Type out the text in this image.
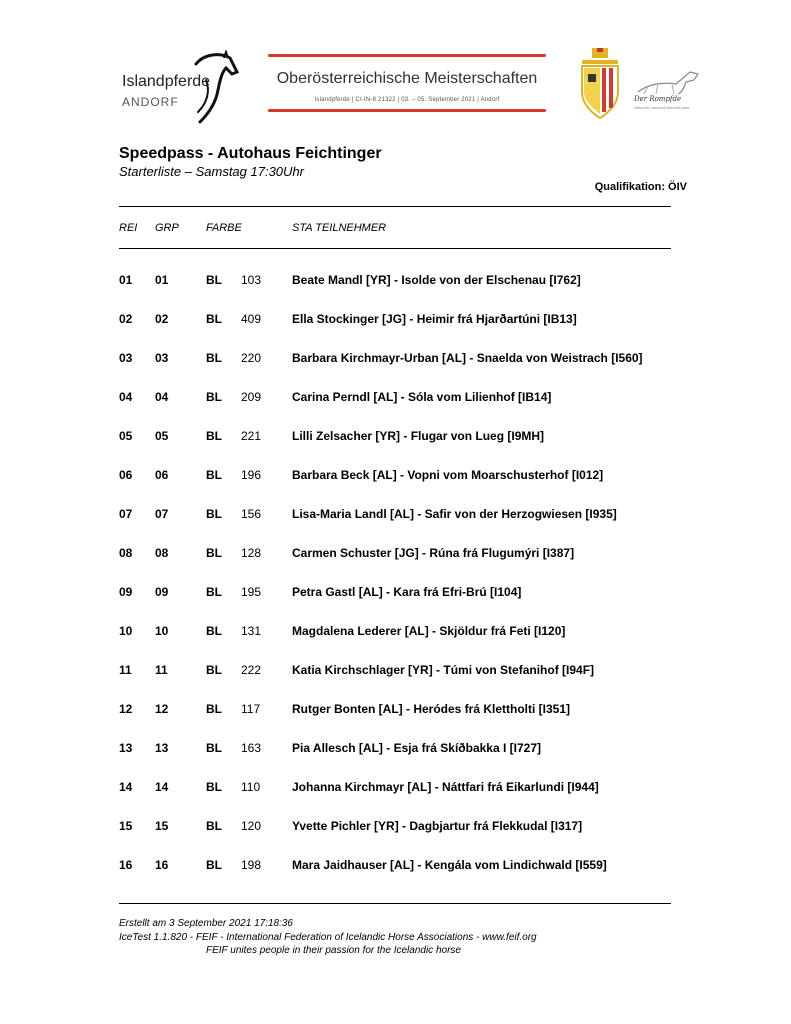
Islandpferde
ANDORF
Oberösterreichische Meisterschaften
Islandpferde | CI-IN-8 21322 | 03. – 05. September 2021 | Andorf	Der Rompfde
reitverein ranzhof steinhof-wels
Speedpass - Autohaus Feichtinger
Starterliste – Samstag 17:30Uhr
Qualifikation: ÖIV
REI GRP FARBE	STA TEILNEHMER
01 01	BL 103	Beate Mandl [YR] - Isolde von der Elschenau [I762]
02 02	BL 409	Ella Stockinger [JG] - Heimir frá Hjarðartúni [IB13]
03 03	BL 220	Barbara Kirchmayr-Urban [AL] - Snaelda von Weistrach [I560]
04 04	BL 209	Carina Perndl [AL] - Sóla vom Lilienhof [IB14]
05 05	BL 221	Lilli Zelsacher [YR] - Flugar von Lueg [I9MH]
06 06	BL 196	Barbara Beck [AL] - Vopni vom Moarschusterhof [I012]
07 07	BL 156	Lisa-Maria Landl [AL] - Safir von der Herzogwiesen [I935]
08 08	BL 128	Carmen Schuster [JG] - Rúna frá Flugumýri [I387]
09 09	BL 195	Petra Gastl [AL] - Kara frá Efri-Brú [I104]
10 10	BL 131	Magdalena Lederer [AL] - Skjöldur frá Feti [I120]
11 11	BL 222	Katia Kirchschlager [YR] - Túmi von Stefanihof [I94F]
12 12	BL 117	Rutger Bonten [AL] - Heródes frá Klettholti [I351]
13 13	BL 163	Pia Allesch [AL] - Esja frá Skíðbakka I [I727]
14 14	BL 110	Johanna Kirchmayr [AL] - Náttfari frá Eikarlundi [I944]
15 15	BL 120	Yvette Pichler [YR] - Dagbjartur frá Flekkudal [I317]
16 16	BL 198	Mara Jaidhauser [AL] - Kengála vom Lindichwald [I559]
Erstellt am 3 September 2021 17:18:36
IceTest 1.1.820 - FEIF - International Federation of Icelandic Horse Associations - www.feif.org
FEIF unites people in their passion for the Icelandic horse
